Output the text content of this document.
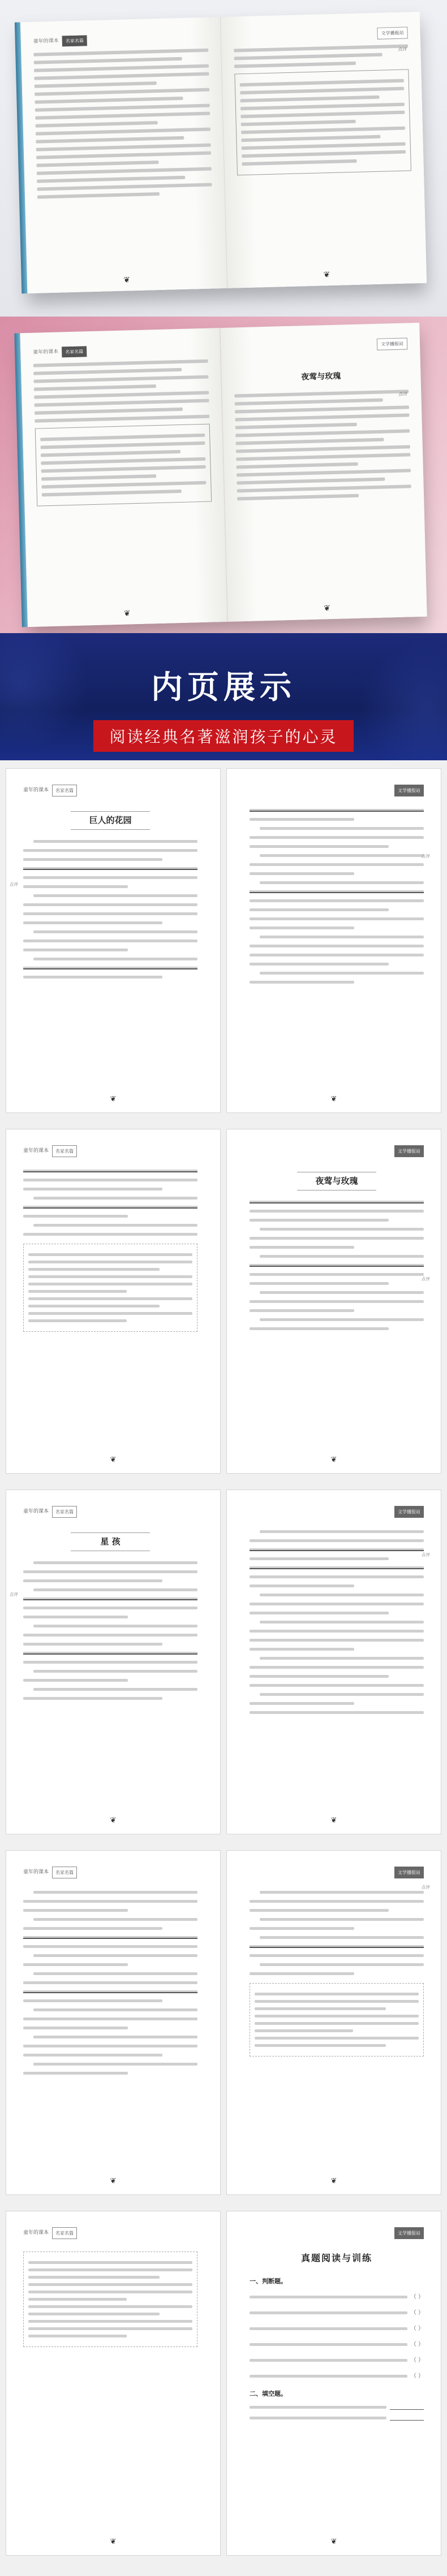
童年的课本	名家名篇
❦
文学播报站
点评
❦
童年的课本	名家名篇
❦
文学播报站
夜莺与玫瑰
点评
❦
内页展示
阅读经典名著滋润孩子的心灵
童年的课本	名家名篇
巨人的花园
点评
❦
文学播报站
点评
❦
童年的课本	名家名篇
❦
文学播报站
夜莺与玫瑰
点评
❦
童年的课本	名家名篇
星 孩
点评
❦
文学播报站
点评
❦
童年的课本	名家名篇
❦
文学播报站
点评
❦
童年的课本	名家名篇
❦
文学播报站
真题阅读与训练
一、判断题。
（ ）
（ ）
（ ）
（ ）
（ ）
（ ）
二、填空题。
❦
